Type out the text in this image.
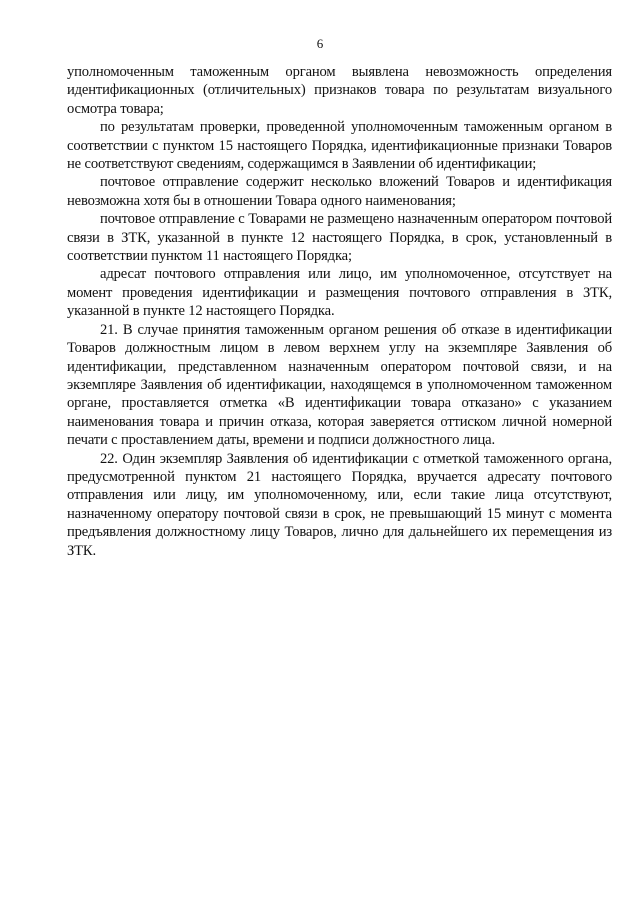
6

уполномоченным таможенным органом выявлена невозможность определения идентификационных (отличительных) признаков товара по результатам визуального осмотра товара;

по результатам проверки, проведенной уполномоченным таможенным органом в соответствии с пунктом 15 настоящего Порядка, идентификационные признаки Товаров не соответствуют сведениям, содержащимся в Заявлении об идентификации;

почтовое отправление содержит несколько вложений Товаров и идентификация невозможна хотя бы в отношении Товара одного наименования;

почтовое отправление с Товарами не размещено назначенным оператором почтовой связи в ЗТК, указанной в пункте 12 настоящего Порядка, в срок, установленный в соответствии пунктом 11 настоящего Порядка;

адресат почтового отправления или лицо, им уполномоченное, отсутствует на момент проведения идентификации и размещения почтового отправления в ЗТК, указанной в пункте 12 настоящего Порядка.

21. В случае принятия таможенным органом решения об отказе в идентификации Товаров должностным лицом в левом верхнем углу на экземпляре Заявления об идентификации, представленном назначенным оператором почтовой связи, и на экземпляре Заявления об идентификации, находящемся в уполномоченном таможенном органе, проставляется отметка «В идентификации товара отказано» с указанием наименования товара и причин отказа, которая заверяется оттиском личной номерной печати с проставлением даты, времени и подписи должностного лица.

22. Один экземпляр Заявления об идентификации с отметкой таможенного органа, предусмотренной пунктом 21 настоящего Порядка, вручается адресату почтового отправления или лицу, им уполномоченному, или, если такие лица отсутствуют, назначенному оператору почтовой связи в срок, не превышающий 15 минут с момента предъявления должностному лицу Товаров, лично для дальнейшего их перемещения из ЗТК.
